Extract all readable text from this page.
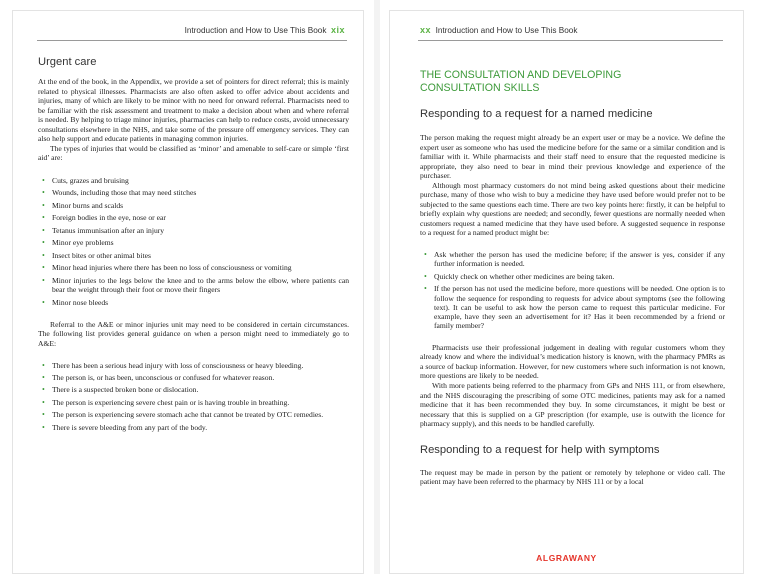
Introduction and How to Use This Book xix
Urgent care

At the end of the book, in the Appendix, we provide a set of pointers for direct referral; this is mainly related to physical illnesses. Pharmacists are also often asked to offer advice about accidents and injuries, many of which are likely to be minor with no need for onward referral. Pharmacists need to be familiar with the risk assessment and treatment to make a decision about when and where referral is needed. By helping to triage minor injuries, pharmacies can help to reduce costs, avoid unnecessary consultations elsewhere in the NHS, and take some of the pressure off emergency services. They can also help support and educate patients in managing common injuries.

The types of injuries that would be classified as ‘minor’ and amenable to self-care or simple ‘first aid’ are:

• Cuts, grazes and bruising
• Wounds, including those that may need stitches
• Minor burns and scalds
• Foreign bodies in the eye, nose or ear
• Tetanus immunisation after an injury
• Minor eye problems
• Insect bites or other animal bites
• Minor head injuries where there has been no loss of consciousness or vomiting
• Minor injuries to the legs below the knee and to the arms below the elbow, where patients can bear the weight through their foot or move their fingers
• Minor nose bleeds

Referral to the A&E or minor injuries unit may need to be considered in certain circumstances. The following list provides general guidance on when a person might need to immediately go to A&E:

• There has been a serious head injury with loss of consciousness or heavy bleeding.
• The person is, or has been, unconscious or confused for whatever reason.
• There is a suspected broken bone or dislocation.
• The person is experiencing severe chest pain or is having trouble in breathing.
• The person is experiencing severe stomach ache that cannot be treated by OTC remedies.
• There is severe bleeding from any part of the body.
xx Introduction and How to Use This Book
THE CONSULTATION AND DEVELOPING
CONSULTATION SKILLS
Responding to a request for a named medicine

The person making the request might already be an expert user or may be a novice. We define the expert user as someone who has used the medicine before for the same or a similar condition and is familiar with it. While pharmacists and their staff need to ensure that the requested medicine is appropriate, they also need to bear in mind their previous knowledge and experience of the purchaser.

Although most pharmacy customers do not mind being asked questions about their medicine purchase, many of those who wish to buy a medicine they have used before would prefer not to be subjected to the same questions each time. There are two key points here: firstly, it can be helpful to briefly explain why questions are needed; and secondly, fewer questions are normally needed when customers request a named medicine that they have used before. A suggested sequence in response to a request for a named product might be:

• Ask whether the person has used the medicine before; if the answer is yes, consider if any further information is needed.
• Quickly check on whether other medicines are being taken.
• If the person has not used the medicine before, more questions will be needed. One option is to follow the sequence for responding to requests for advice about symptoms (see the following text). It can be useful to ask how the person came to request this particular medicine. For example, have they seen an advertisement for it? Has it been recommended by a friend or family member?

Pharmacists use their professional judgement in dealing with regular customers whom they already know and where the individual’s medication history is known, with the pharmacy PMRs as a source of backup information. However, for new customers where such information is not known, more questions are likely to be needed.

With more patients being referred to the pharmacy from GPs and NHS 111, or from elsewhere, and the NHS discouraging the prescribing of some OTC medicines, patients may ask for a named medicine that it has been recommended they buy. In some circumstances, it might be best or necessary that this is supplied on a GP prescription (for example, use is outwith the licence for pharmacy supply), and this needs to be handled carefully.

Responding to a request for help with symptoms

The request may be made in person by the patient or remotely by telephone or video call. The patient may have been referred to the pharmacy by NHS 111 or by a local

ALGRAWANY
